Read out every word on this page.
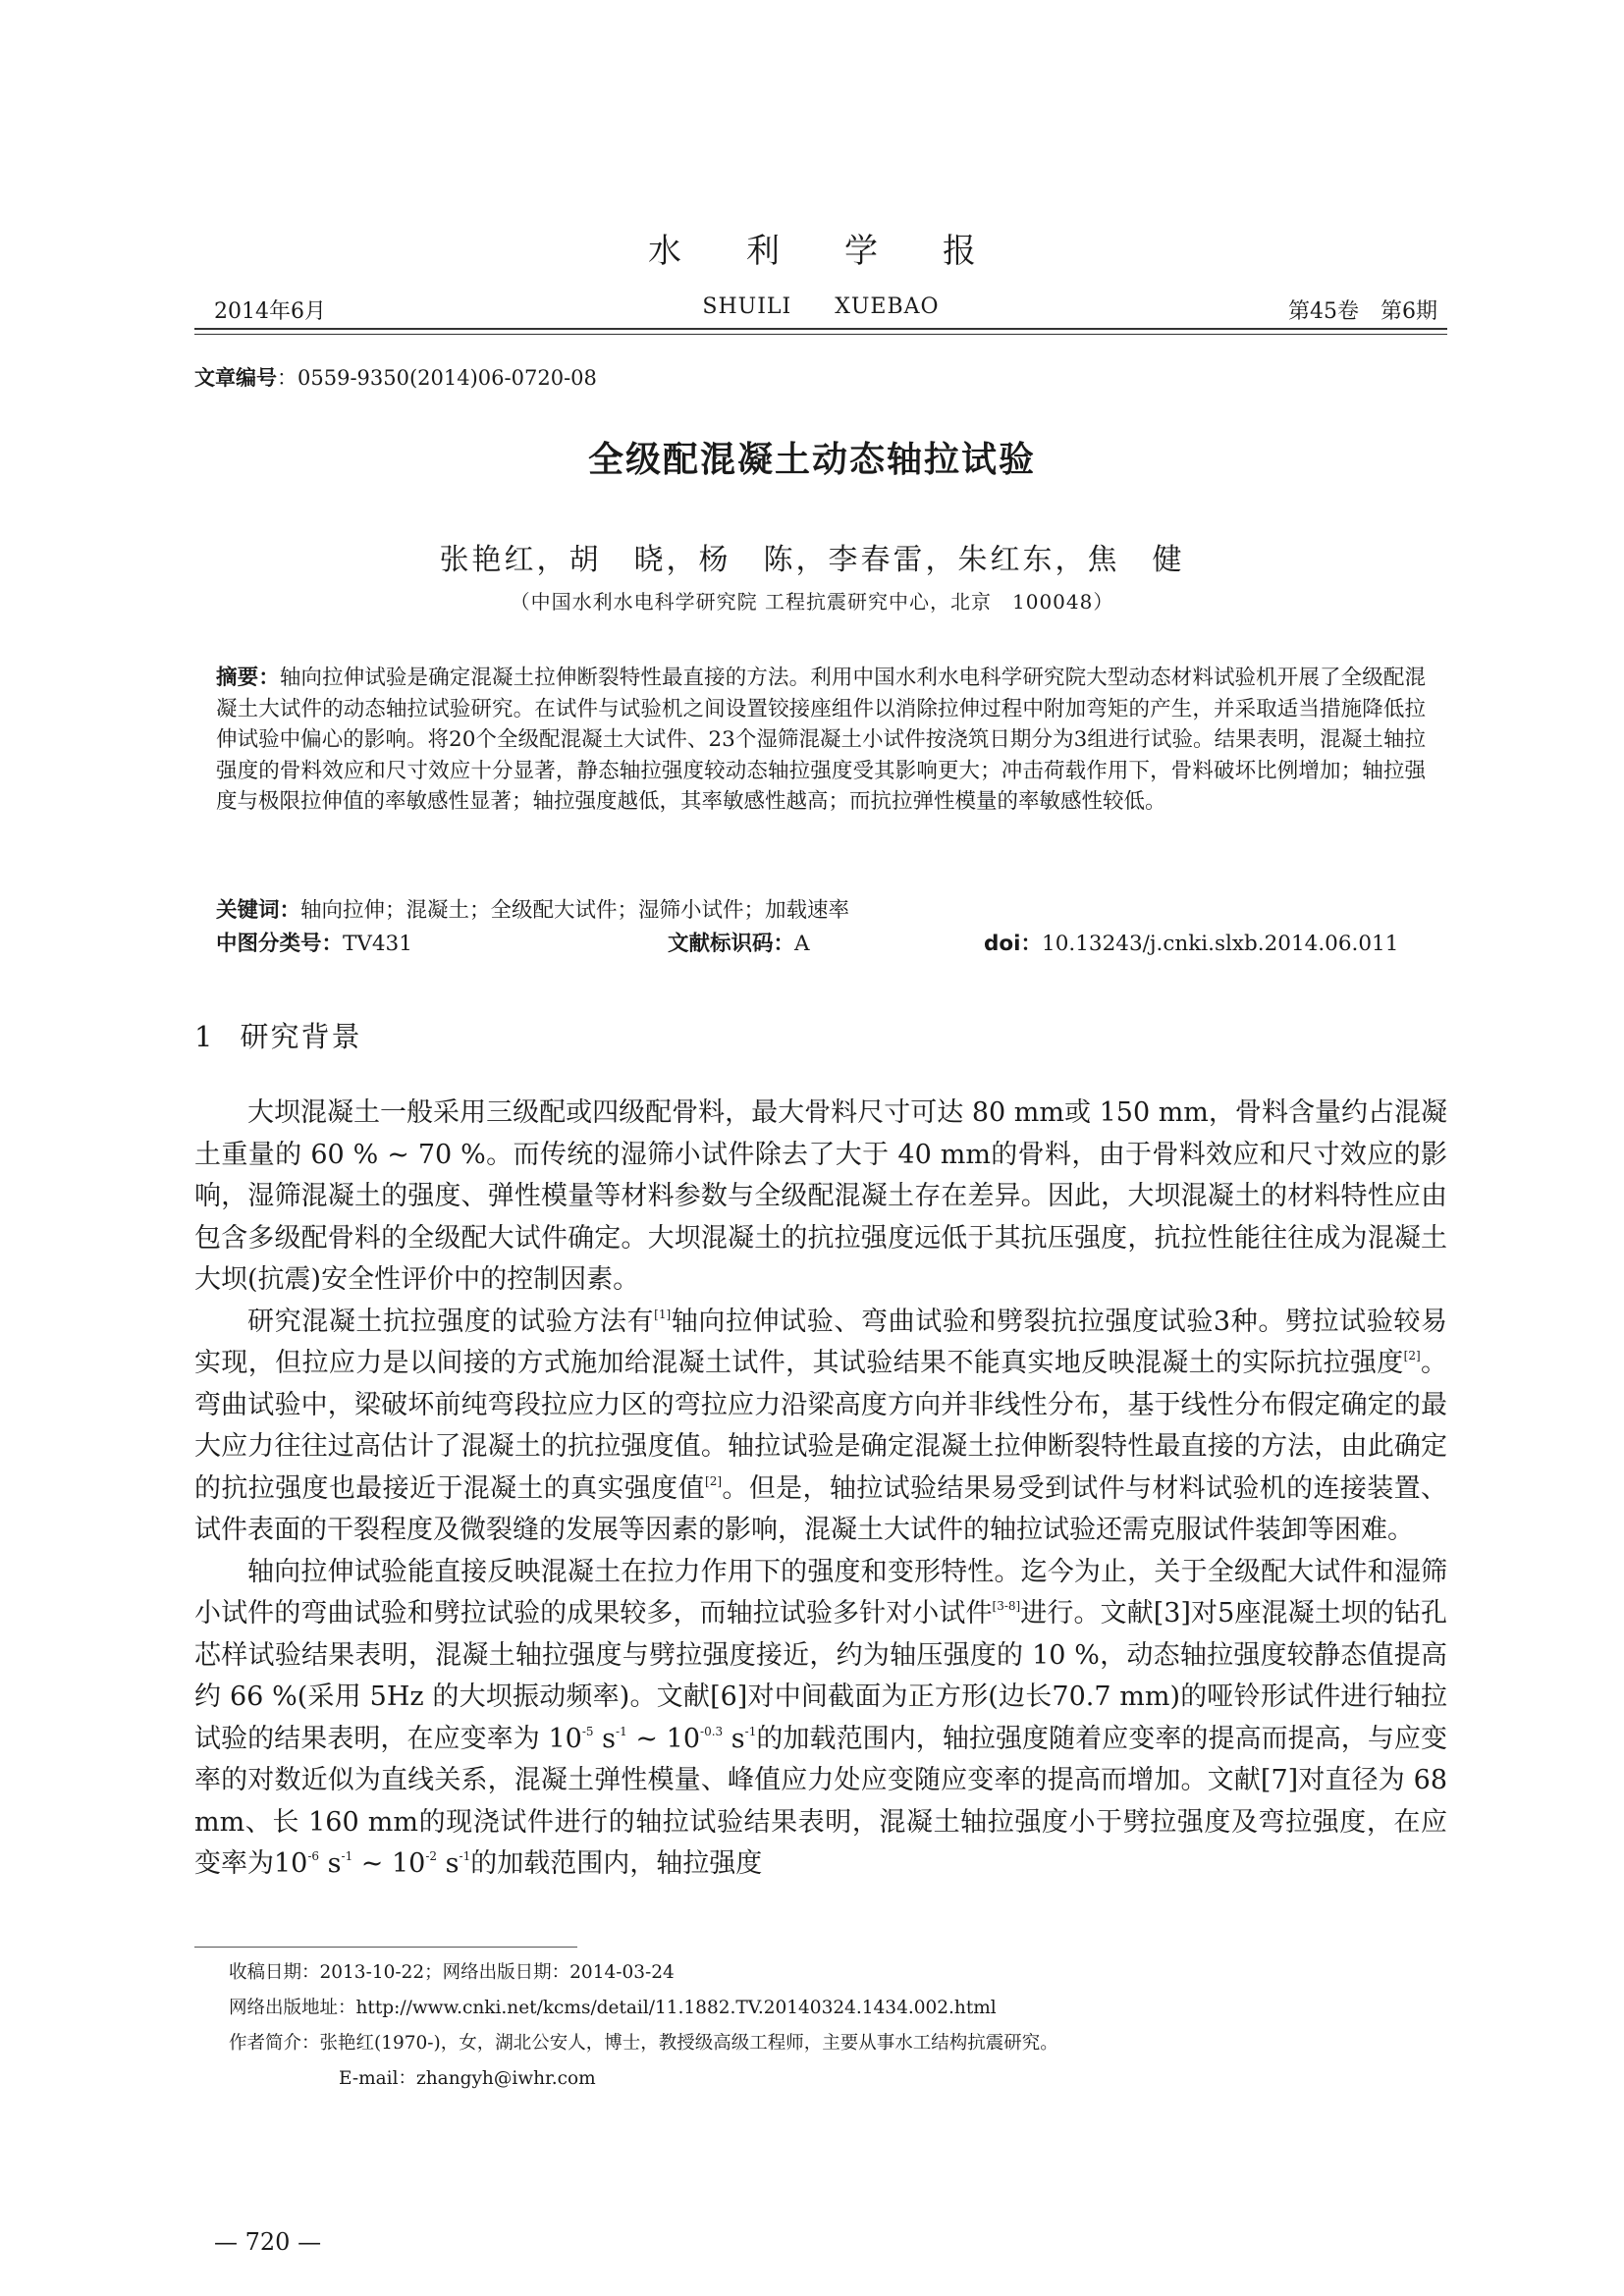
水 利 学 报
2014年6月	SHUILI XUEBAO	第45卷　第6期
文章编号：0559-9350(2014)06-0720-08
全级配混凝土动态轴拉试验
张艳红，胡　晓，杨　陈，李春雷，朱红东，焦　健
（中国水利水电科学研究院 工程抗震研究中心，北京　100048）
摘要：轴向拉伸试验是确定混凝土拉伸断裂特性最直接的方法。利用中国水利水电科学研究院大型动态材料试验机开展了全级配混凝土大试件的动态轴拉试验研究。在试件与试验机之间设置铰接座组件以消除拉伸过程中附加弯矩的产生，并采取适当措施降低拉伸试验中偏心的影响。将20个全级配混凝土大试件、23个湿筛混凝土小试件按浇筑日期分为3组进行试验。结果表明，混凝土轴拉强度的骨料效应和尺寸效应十分显著，静态轴拉强度较动态轴拉强度受其影响更大；冲击荷载作用下，骨料破坏比例增加；轴拉强度与极限拉伸值的率敏感性显著；轴拉强度越低，其率敏感性越高；而抗拉弹性模量的率敏感性较低。
关键词：轴向拉伸；混凝土；全级配大试件；湿筛小试件；加载速率
中图分类号：TV431	文献标识码：A	doi：10.13243/j.cnki.slxb.2014.06.011
1 研究背景

大坝混凝土一般采用三级配或四级配骨料，最大骨料尺寸可达 80 mm或 150 mm，骨料含量约占混凝土重量的 60 % ~ 70 %。而传统的湿筛小试件除去了大于 40 mm的骨料，由于骨料效应和尺寸效应的影响，湿筛混凝土的强度、弹性模量等材料参数与全级配混凝土存在差异。因此，大坝混凝土的材料特性应由包含多级配骨料的全级配大试件确定。大坝混凝土的抗拉强度远低于其抗压强度，抗拉性能往往成为混凝土大坝(抗震)安全性评价中的控制因素。

研究混凝土抗拉强度的试验方法有[1]轴向拉伸试验、弯曲试验和劈裂抗拉强度试验3种。劈拉试验较易实现，但拉应力是以间接的方式施加给混凝土试件，其试验结果不能真实地反映混凝土的实际抗拉强度[2]。弯曲试验中，梁破坏前纯弯段拉应力区的弯拉应力沿梁高度方向并非线性分布，基于线性分布假定确定的最大应力往往过高估计了混凝土的抗拉强度值。轴拉试验是确定混凝土拉伸断裂特性最直接的方法，由此确定的抗拉强度也最接近于混凝土的真实强度值[2]。但是，轴拉试验结果易受到试件与材料试验机的连接装置、试件表面的干裂程度及微裂缝的发展等因素的影响，混凝土大试件的轴拉试验还需克服试件装卸等困难。

轴向拉伸试验能直接反映混凝土在拉力作用下的强度和变形特性。迄今为止，关于全级配大试件和湿筛小试件的弯曲试验和劈拉试验的成果较多，而轴拉试验多针对小试件[3-8]进行。文献[3]对5座混凝土坝的钻孔芯样试验结果表明，混凝土轴拉强度与劈拉强度接近，约为轴压强度的 10 %，动态轴拉强度较静态值提高约 66 %(采用 5Hz 的大坝振动频率)。文献[6]对中间截面为正方形(边长70.7 mm)的哑铃形试件进行轴拉试验的结果表明，在应变率为 $10^{-5}$ $s^{-1}$ ~ $10^{-0.3}$ $s^{-1}$的加载范围内，轴拉强度随着应变率的提高而提高，与应变率的对数近似为直线关系，混凝土弹性模量、峰值应力处应变随应变率的提高而增加。文献[7]对直径为 68 mm、长 160 mm的现浇试件进行的轴拉试验结果表明，混凝土轴拉强度小于劈拉强度及弯拉强度，在应变率为$10^{-6}$ $s^{-1}$ ~ $10^{-2}$ $s^{-1}$的加载范围内，轴拉强度

收稿日期：2013-10-22；网络出版日期：2014-03-24
网络出版地址：http://www.cnki.net/kcms/detail/11.1882.TV.20140324.1434.002.html
作者简介：张艳红(1970-)，女，湖北公安人，博士，教授级高级工程师，主要从事水工结构抗震研究。
E-mail：zhangyh@iwhr.com
— 720 —
